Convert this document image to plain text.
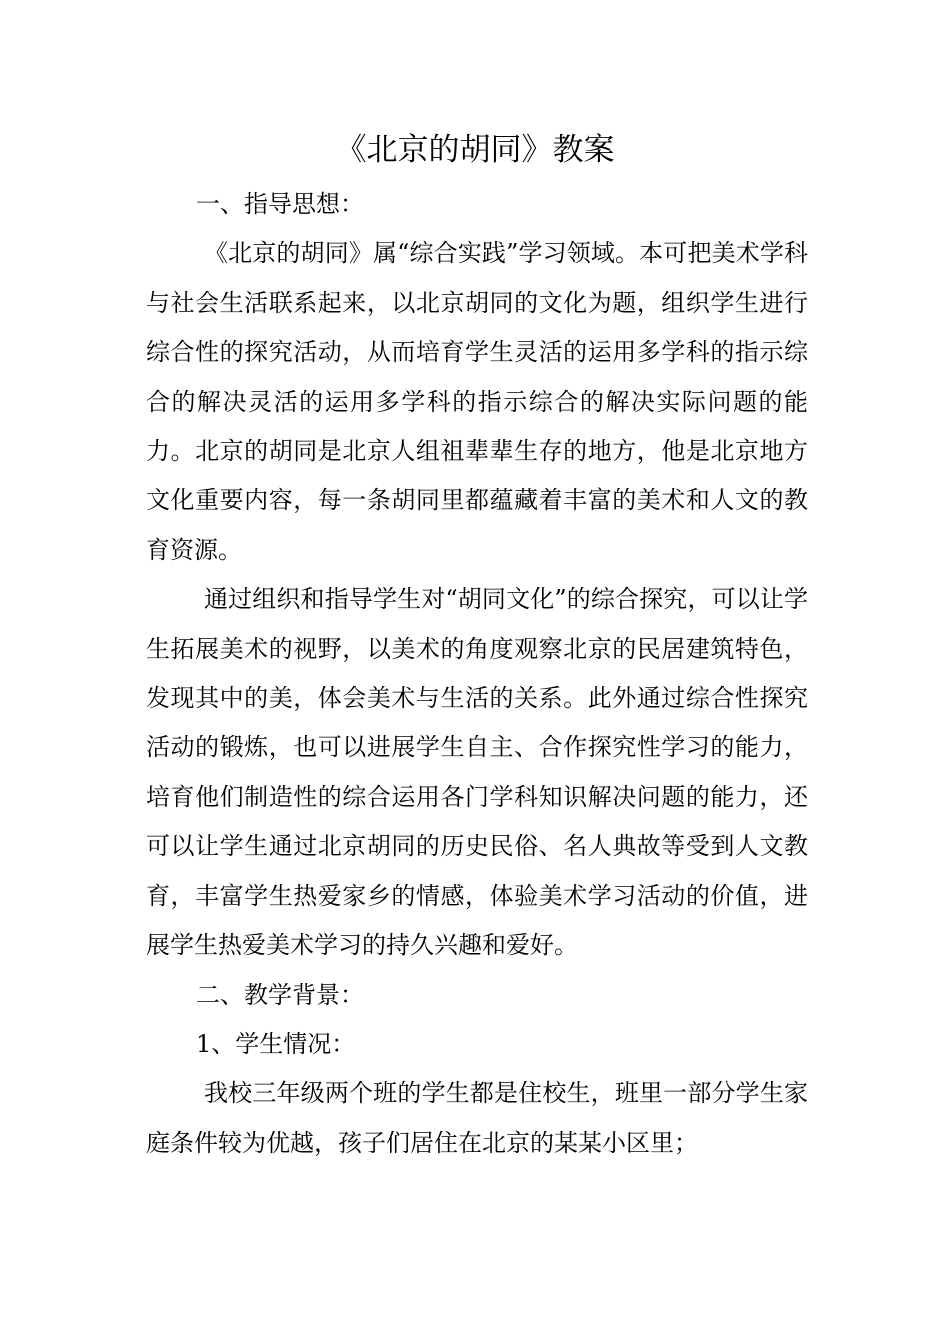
《北京的胡同》教案

一、指导思想：

《北京的胡同》属“综合实践”学习领域。本可把美术学科与社会生活联系起来，以北京胡同的文化为题，组织学生进行综合性的探究活动，从而培育学生灵活的运用多学科的指示综合的解决灵活的运用多学科的指示综合的解决实际问题的能力。北京的胡同是北京人组祖辈辈生存的地方，他是北京地方文化重要内容，每一条胡同里都蕴藏着丰富的美术和人文的教育资源。

通过组织和指导学生对“胡同文化”的综合探究，可以让学生拓展美术的视野，以美术的角度观察北京的民居建筑特色，发现其中的美，体会美术与生活的关系。此外通过综合性探究活动的锻炼，也可以进展学生自主、合作探究性学习的能力，培育他们制造性的综合运用各门学科知识解决问题的能力，还可以让学生通过北京胡同的历史民俗、名人典故等受到人文教育，丰富学生热爱家乡的情感，体验美术学习活动的价值，进展学生热爱美术学习的持久兴趣和爱好。

二、教学背景：

1、学生情况：

我校三年级两个班的学生都是住校生，班里一部分学生家庭条件较为优越，孩子们居住在北京的某某小区里；
